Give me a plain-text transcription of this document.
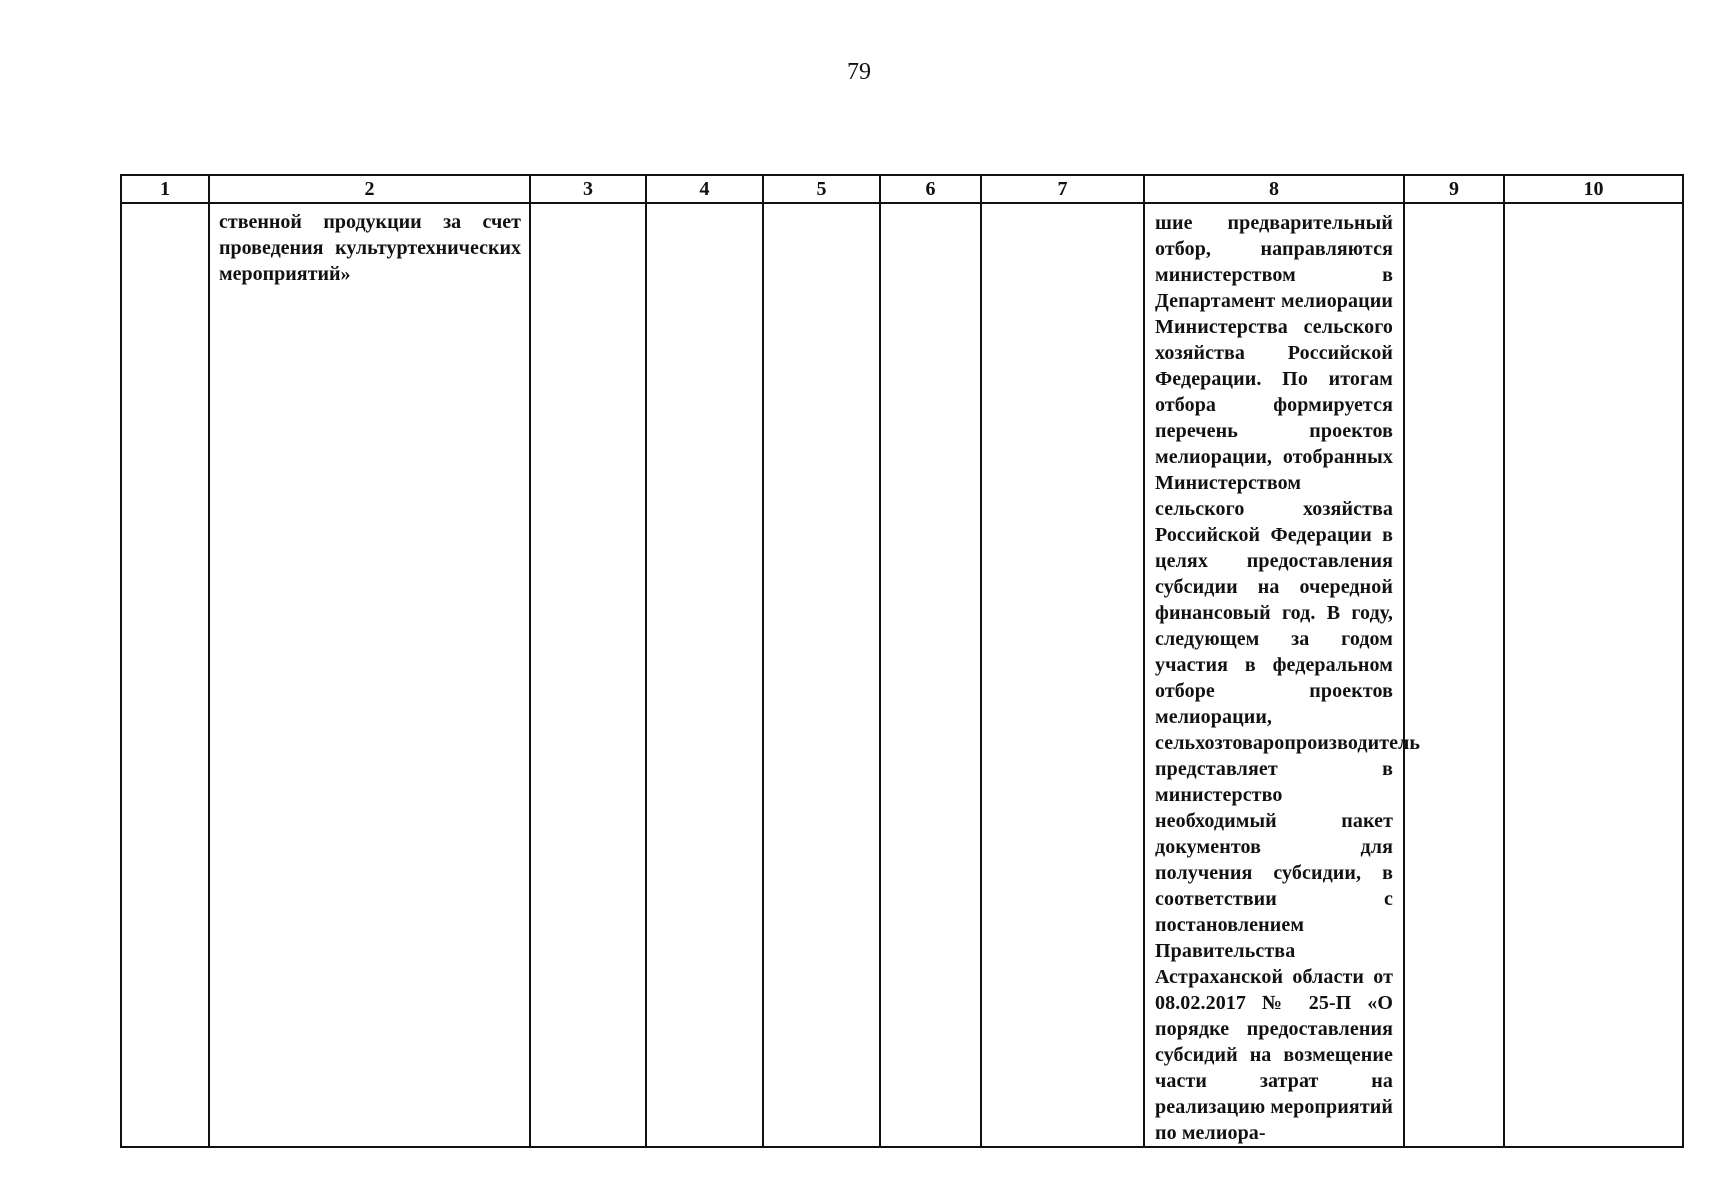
79
1	2	3	4	5	6	7	8	9	10

	ственной продукции за счет проведения культуртехнических мероприятий»						шие предварительный отбор, направляются министерством в Департамент мелиорации Министерства сельского хозяйства Российской Федерации. По итогам отбора формируется перечень проектов мелиорации, отобранных Министерством сельского хозяйства Российской Федерации в целях предоставления субсидии на очередной финансовый год. В году, следующем за годом участия в федеральном отборе проектов мелиорации, сельхозтоваропроизводитель представляет в министерство необходимый пакет документов для получения субсидии, в соответствии с постановлением Правительства Астраханской области от 08.02.2017 № 25-П «О порядке предоставления субсидий на возмещение части затрат на реализацию мероприятий по мелиора-		
